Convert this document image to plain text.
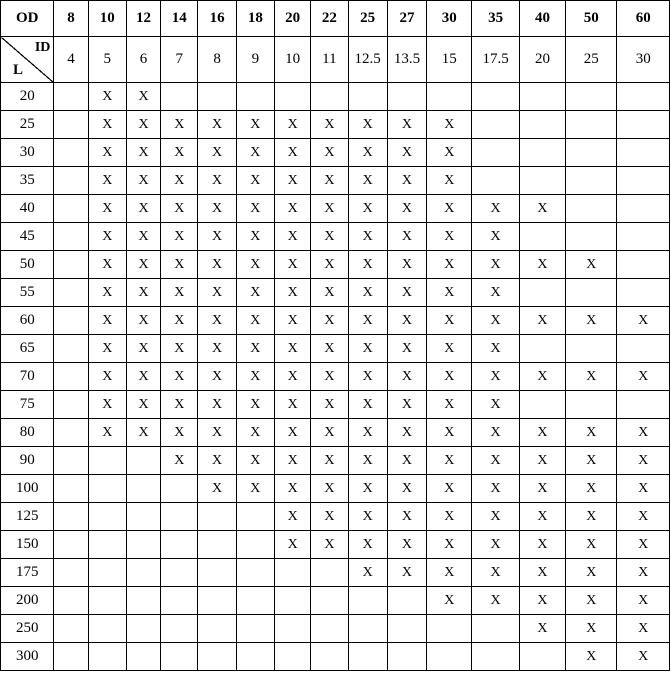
OD	8	10	12	14	16	18	20	22	25	27	30	35	40	50	60

ID
L	4	5	6	7	8	9	10	11	12.5	13.5	15	17.5	20	25	30
20		X	X												
25		X	X	X	X	X	X	X	X	X	X				
30		X	X	X	X	X	X	X	X	X	X				
35		X	X	X	X	X	X	X	X	X	X				
40		X	X	X	X	X	X	X	X	X	X	X	X		
45		X	X	X	X	X	X	X	X	X	X	X			
50		X	X	X	X	X	X	X	X	X	X	X	X	X	
55		X	X	X	X	X	X	X	X	X	X	X			
60		X	X	X	X	X	X	X	X	X	X	X	X	X	X
65		X	X	X	X	X	X	X	X	X	X	X			
70		X	X	X	X	X	X	X	X	X	X	X	X	X	X
75		X	X	X	X	X	X	X	X	X	X	X			
80		X	X	X	X	X	X	X	X	X	X	X	X	X	X
90				X	X	X	X	X	X	X	X	X	X	X	X
100					X	X	X	X	X	X	X	X	X	X	X
125							X	X	X	X	X	X	X	X	X
150							X	X	X	X	X	X	X	X	X
175									X	X	X	X	X	X	X
200											X	X	X	X	X
250													X	X	X
300														X	X
